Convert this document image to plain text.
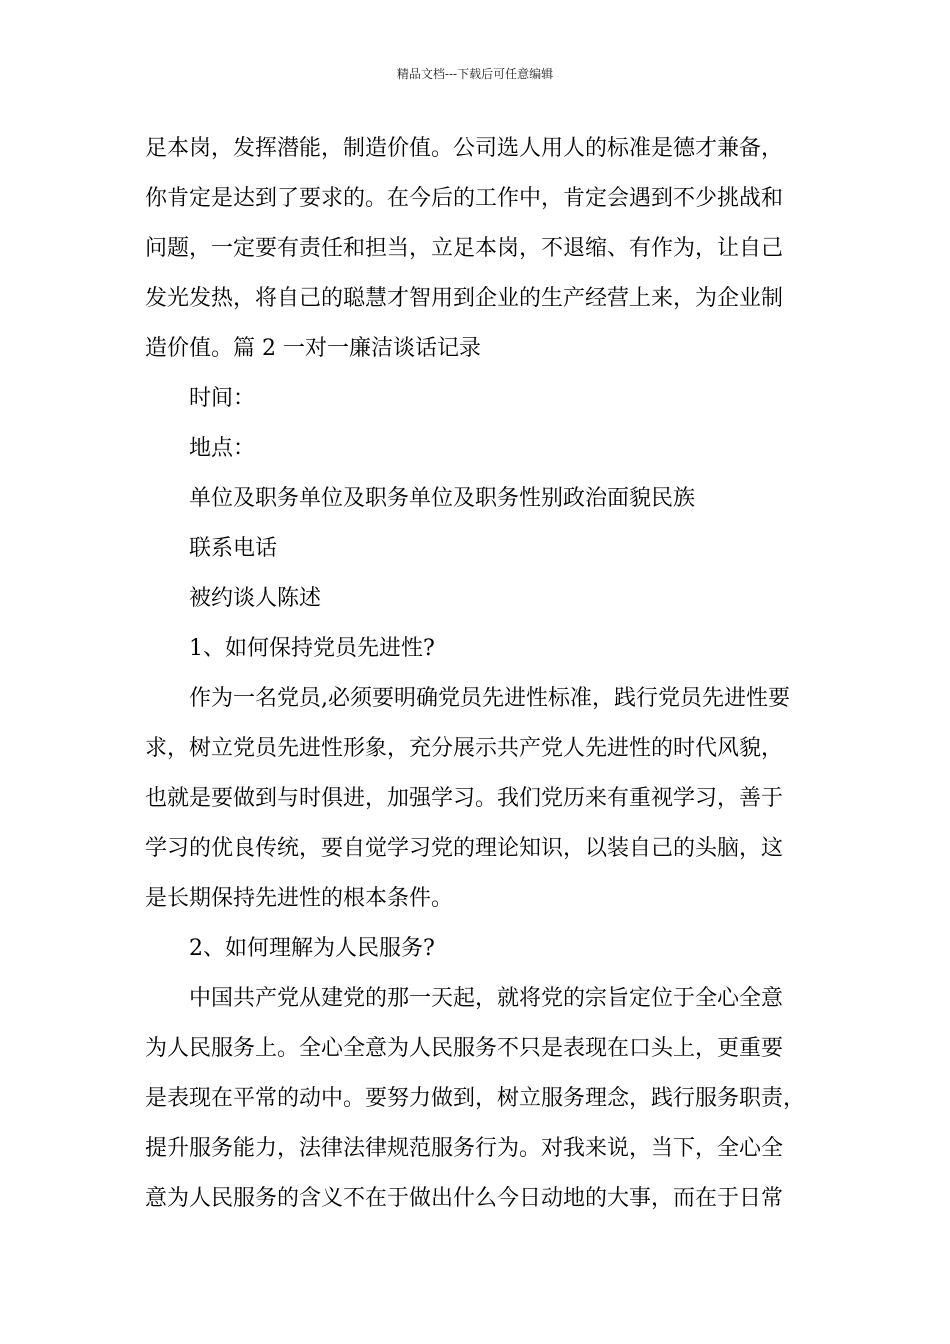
精品文档---下载后可任意编辑
足本岗，发挥潜能，制造价值。公司选人用人的标准是德才兼备，
你肯定是达到了要求的。在今后的工作中，肯定会遇到不少挑战和
问题，一定要有责任和担当，立足本岗，不退缩、有作为，让自己
发光发热，将自己的聪慧才智用到企业的生产经营上来，为企业制
造价值。篇 2 一对一廉洁谈话记录
时间：
地点：
单位及职务单位及职务单位及职务性别政治面貌民族
联系电话
被约谈人陈述
1、如何保持党员先进性?
作为一名党员,必须要明确党员先进性标准，践行党员先进性要
求，树立党员先进性形象，充分展示共产党人先进性的时代风貌，
也就是要做到与时俱进，加强学习。我们党历来有重视学习，善于
学习的优良传统，要自觉学习党的理论知识，以装自己的头脑，这
是长期保持先进性的根本条件。
2、如何理解为人民服务?
中国共产党从建党的那一天起，就将党的宗旨定位于全心全意
为人民服务上。全心全意为人民服务不只是表现在口头上，更重要
是表现在平常的动中。要努力做到，树立服务理念，践行服务职责，
提升服务能力，法律法律规范服务行为。对我来说，当下，全心全
意为人民服务的含义不在于做出什么今日动地的大事，而在于日常
